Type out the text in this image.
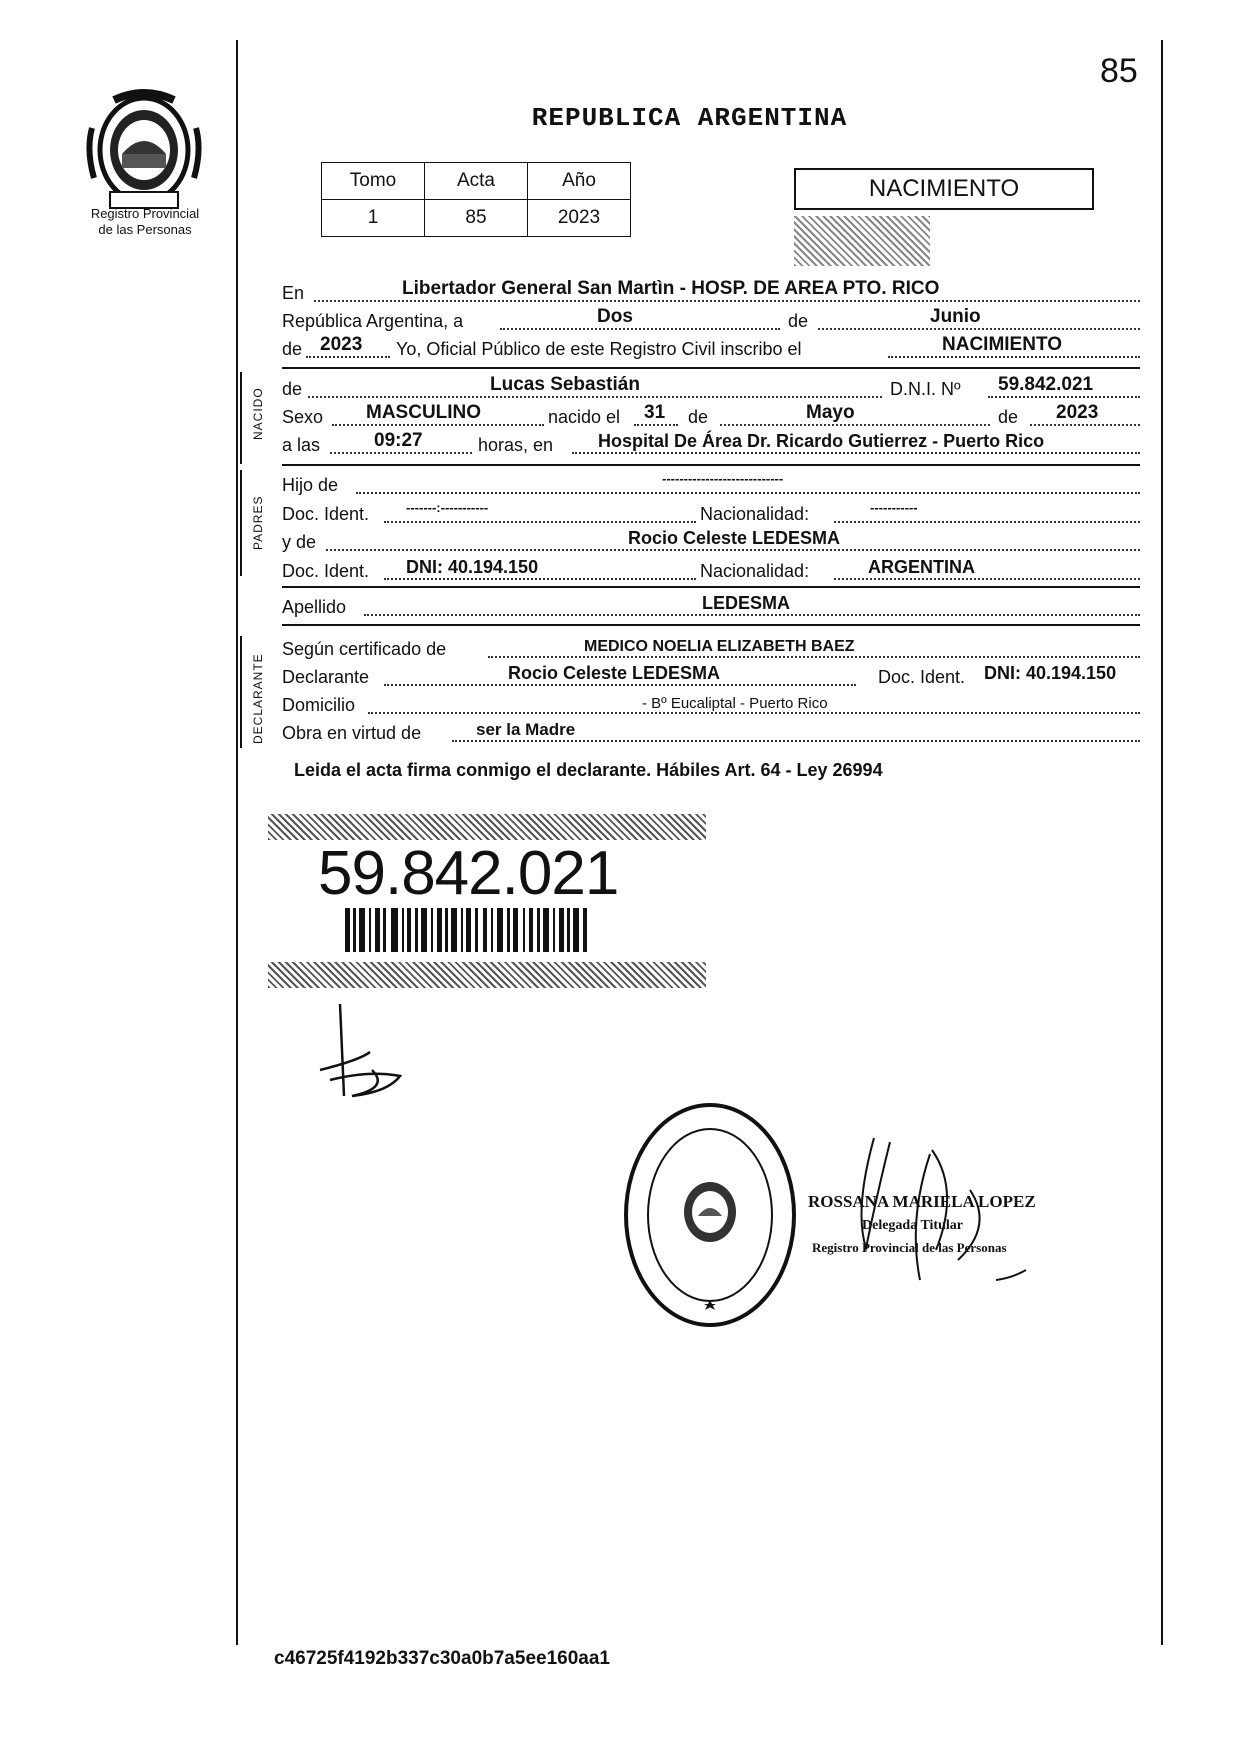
85
Registro Provincial
de las Personas
REPUBLICA ARGENTINA
Tomo	Acta	Año
1	85	2023
NACIMIENTO
En	Libertador General San Martìn - HOSP. DE AREA PTO. RICO
República Argentina, a	Dos	de	Junio
de 2023 Yo, Oficial Público de este Registro Civil inscribo el	NACIMIENTO
NACIDO de	Lucas Sebastián	D.N.I. Nº 59.842.021
Sexo MASCULINO	nacido el 31 de	Mayo	de 2023
a las	09:27	horas, en Hospital De Área Dr. Ricardo Gutierrez - Puerto Rico
PADRES
Hijo de	----------------------------
Doc. Ident.	-------:-----------	Nacionalidad:	-----------
y de	Rocio Celeste LEDESMA
Doc. Ident. DNI: 40.194.150	Nacionalidad:	ARGENTINA
Apellido	LEDESMA
DECLARANTE
Según certificado de	MEDICO NOELIA ELIZABETH BAEZ
Declarante	Rocio Celeste LEDESMA	Doc. Ident. DNI: 40.194.150
Domicilio	- Bº Eucaliptal - Puerto Rico
Obra en virtud de	ser la Madre
Leida el acta firma conmigo el declarante. Hábiles Art. 64 - Ley 26994
59.842.021
ROSSANA MARIELA LOPEZ
Delegada Titular
Registro Provincial de las Personas
c46725f4192b337c30a0b7a5ee160aa1
